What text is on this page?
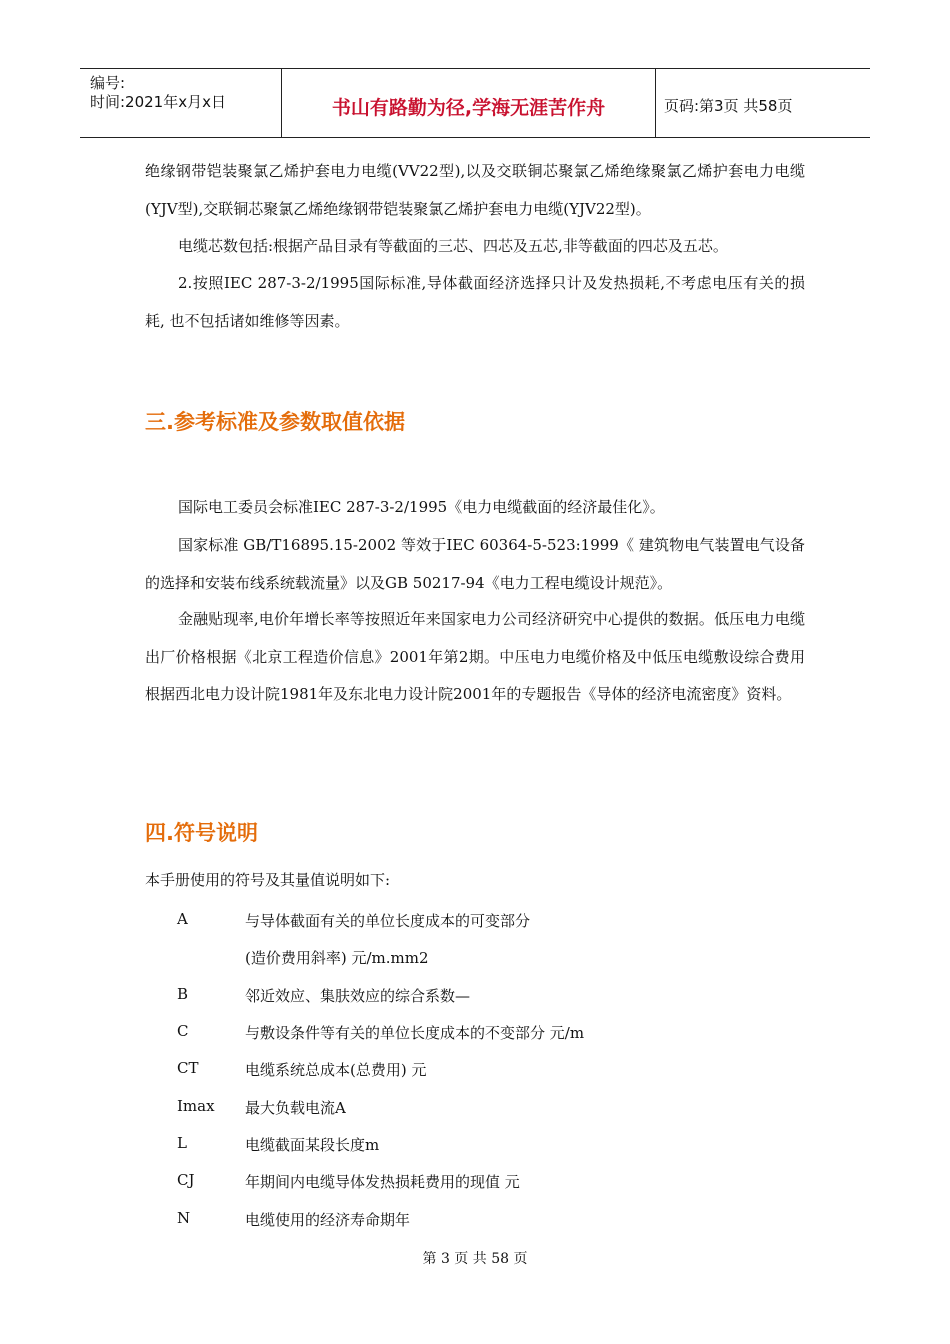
编号:
时间:2021年x月x日	书山有路勤为径,学海无涯苦作舟	页码:第3页 共58页
绝缘钢带铠装聚氯乙烯护套电力电缆(VV22型),以及交联铜芯聚氯乙烯绝缘聚氯乙烯护套电力电缆(YJV型),交联铜芯聚氯乙烯绝缘钢带铠装聚氯乙烯护套电力电缆(YJV22型)。
电缆芯数包括:根据产品目录有等截面的三芯、四芯及五芯,非等截面的四芯及五芯。
2.按照IEC 287-3-2/1995国际标准,导体截面经济选择只计及发热损耗,不考虑电压有关的损耗, 也不包括诸如维修等因素。
三.参考标准及参数取值依据
国际电工委员会标准IEC 287-3-2/1995《电力电缆截面的经济最佳化》。
国家标准 GB/T16895.15-2002 等效于IEC 60364-5-523:1999《 建筑物电气装置电气设备的选择和安装布线系统载流量》以及GB 50217-94《电力工程电缆设计规范》。
金融贴现率,电价年增长率等按照近年来国家电力公司经济研究中心提供的数据。低压电力电缆出厂价格根据《北京工程造价信息》2001年第2期。中压电力电缆价格及中低压电缆敷设综合费用根据西北电力设计院1981年及东北电力设计院2001年的专题报告《导体的经济电流密度》资料。
四.符号说明
本手册使用的符号及其量值说明如下:
A	与导体截面有关的单位长度成本的可变部分
(造价费用斜率) 元/m.mm2
B	邻近效应、集肤效应的综合系数—
C	与敷设条件等有关的单位长度成本的不变部分 元/m
CT	电缆系统总成本(总费用) 元
Imax 最大负载电流A
L	电缆截面某段长度m
CJ	年期间内电缆导体发热损耗费用的现值 元
N	电缆使用的经济寿命期年
第 3 页 共 58 页
